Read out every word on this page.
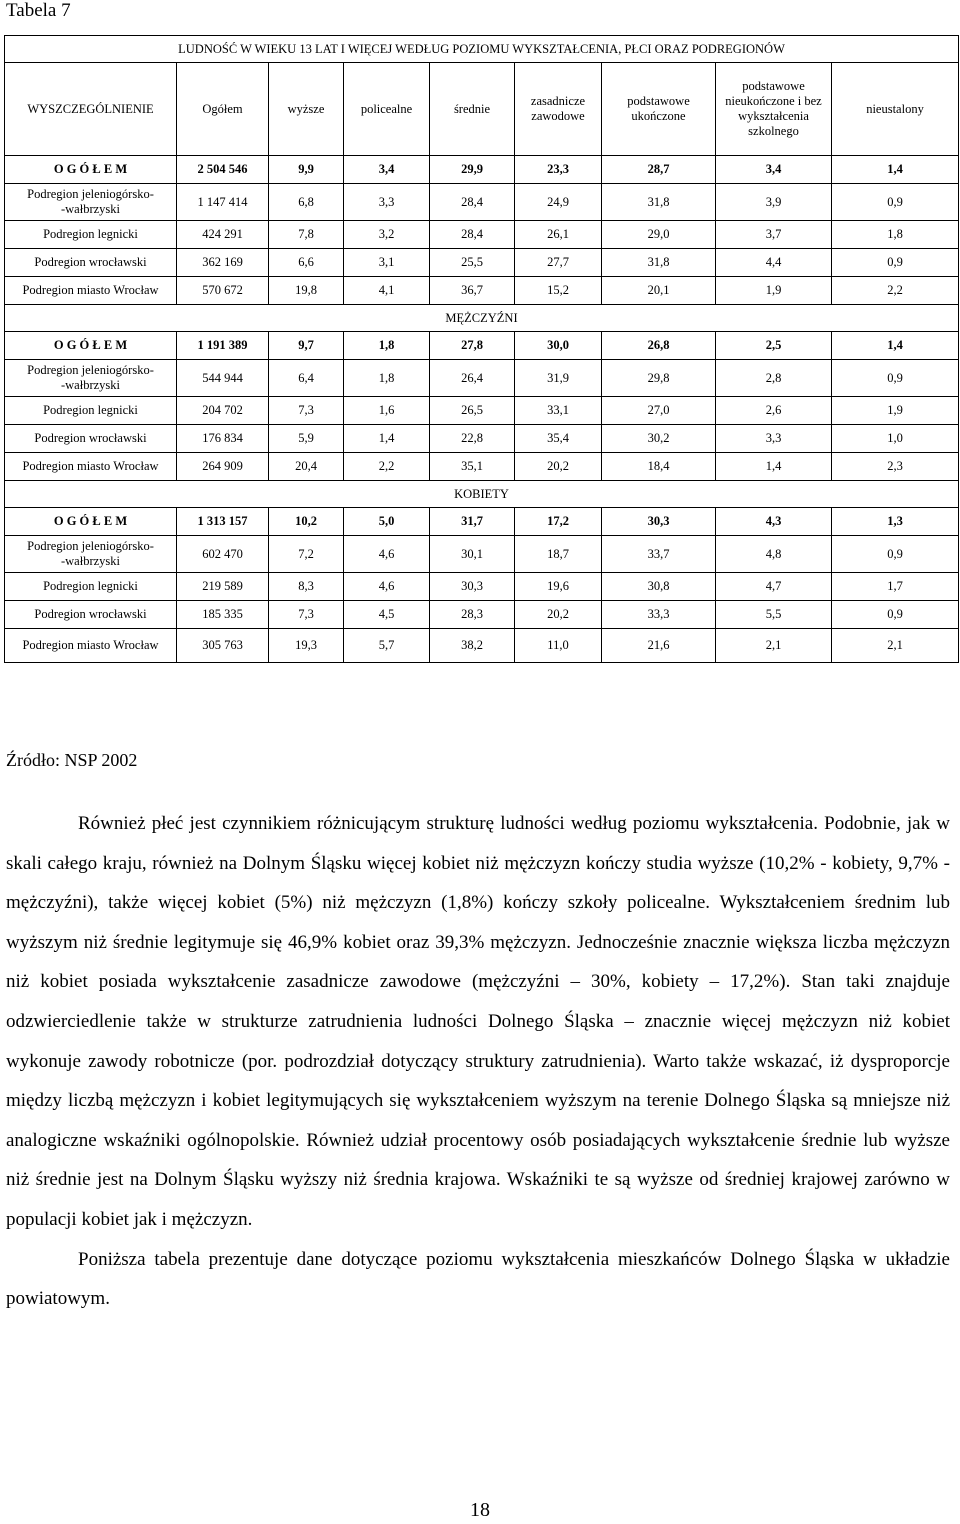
Tabela 7
LUDNOŚĆ W WIEKU 13 LAT I WIĘCEJ WEDŁUG POZIOMU WYKSZTAŁCENIA, PŁCI ORAZ PODREGIONÓW								
WYSZCZEGÓLNIENIE	Ogółem	wyższe	policealne	średnie	zasadnicze zawodowe	podstawowe ukończone	podstawowe nieukończone i bez wykształcenia szkolnego	nieustalony
O G Ó Ł E M	2 504 546	9,9	3,4	29,9	23,3	28,7	3,4	1,4
Podregion jeleniogórsko-
-wałbrzyski	1 147 414	6,8	3,3	28,4	24,9	31,8	3,9	0,9
Podregion legnicki	424 291	7,8	3,2	28,4	26,1	29,0	3,7	1,8
Podregion wrocławski	362 169	6,6	3,1	25,5	27,7	31,8	4,4	0,9
Podregion miasto Wrocław	570 672	19,8	4,1	36,7	15,2	20,1	1,9	2,2
MĘŻCZYŹNI								
O G Ó Ł E M	1 191 389	9,7	1,8	27,8	30,0	26,8	2,5	1,4
Podregion jeleniogórsko-
-wałbrzyski	544 944	6,4	1,8	26,4	31,9	29,8	2,8	0,9
Podregion legnicki	204 702	7,3	1,6	26,5	33,1	27,0	2,6	1,9
Podregion wrocławski	176 834	5,9	1,4	22,8	35,4	30,2	3,3	1,0
Podregion miasto Wrocław	264 909	20,4	2,2	35,1	20,2	18,4	1,4	2,3
KOBIETY								
O G Ó Ł E M	1 313 157	10,2	5,0	31,7	17,2	30,3	4,3	1,3
Podregion jeleniogórsko-
-wałbrzyski	602 470	7,2	4,6	30,1	18,7	33,7	4,8	0,9
Podregion legnicki	219 589	8,3	4,6	30,3	19,6	30,8	4,7	1,7
Podregion wrocławski	185 335	7,3	4,5	28,3	20,2	33,3	5,5	0,9
Podregion miasto Wrocław	305 763	19,3	5,7	38,2	11,0	21,6	2,1	2,1
Źródło: NSP 2002

Również płeć jest czynnikiem różnicującym strukturę ludności według poziomu wykształcenia. Podobnie, jak w skali całego kraju, również na Dolnym Śląsku więcej kobiet niż mężczyzn kończy studia wyższe (10,2% - kobiety, 9,7% - mężczyźni), także więcej kobiet (5%) niż mężczyzn (1,8%) kończy szkoły policealne. Wykształceniem średnim lub wyższym niż średnie legitymuje się 46,9% kobiet oraz 39,3% mężczyzn. Jednocześnie znacznie większa liczba mężczyzn niż kobiet posiada wykształcenie zasadnicze zawodowe (mężczyźni – 30%, kobiety – 17,2%). Stan taki znajduje odzwierciedlenie także w strukturze zatrudnienia ludności Dolnego Śląska – znacznie więcej mężczyzn niż kobiet wykonuje zawody robotnicze (por. podrozdział dotyczący struktury zatrudnienia). Warto także wskazać, iż dysproporcje między liczbą mężczyzn i kobiet legitymujących się wykształceniem wyższym na terenie Dolnego Śląska są mniejsze niż analogiczne wskaźniki ogólnopolskie. Również udział procentowy osób posiadających wykształcenie średnie lub wyższe niż średnie jest na Dolnym Śląsku wyższy niż średnia krajowa. Wskaźniki te są wyższe od średniej krajowej zarówno w populacji kobiet jak i mężczyzn.

Poniższa tabela prezentuje dane dotyczące poziomu wykształcenia mieszkańców Dolnego Śląska w układzie powiatowym.

18
